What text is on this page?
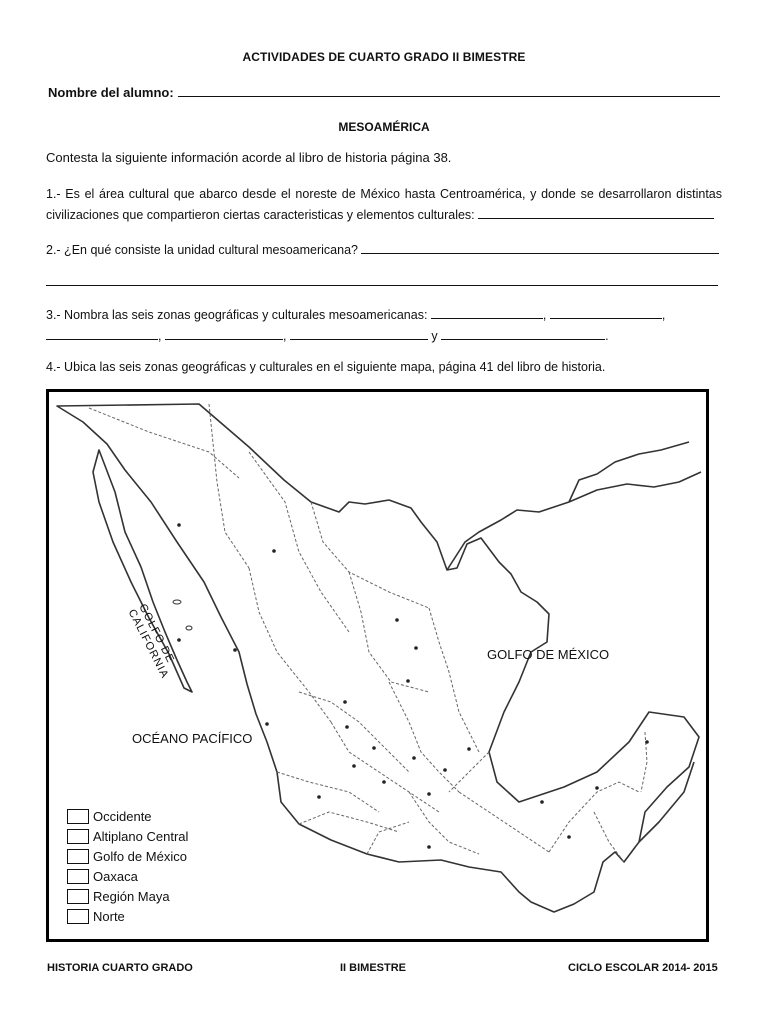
ACTIVIDADES DE CUARTO GRADO II BIMESTRE
Nombre del alumno:
MESOAMÉRICA
Contesta la siguiente información acorde al libro de historia página 38.
1.- Es el área cultural que abarco desde el noreste de México hasta Centroamérica, y donde se desarrollaron distintas civilizaciones que compartieron ciertas caracteristicas y elementos culturales:
2.- ¿En qué consiste la unidad cultural mesoamericana?
3.- Nombra las seis zonas geográficas y culturales mesoamericanas:	,	,
,	,	y	.
4.- Ubica las seis zonas geográficas y culturales en el siguiente mapa, página 41 del libro de historia.
GOLFO DE MÉXICO
OCÉANO PACÍFICO
GOLFO DE CALIFORNIA
Occidente
Altiplano Central
Golfo de México
Oaxaca
Región Maya
Norte
HISTORIA CUARTO GRADO	II BIMESTRE	CICLO ESCOLAR 2014- 2015
